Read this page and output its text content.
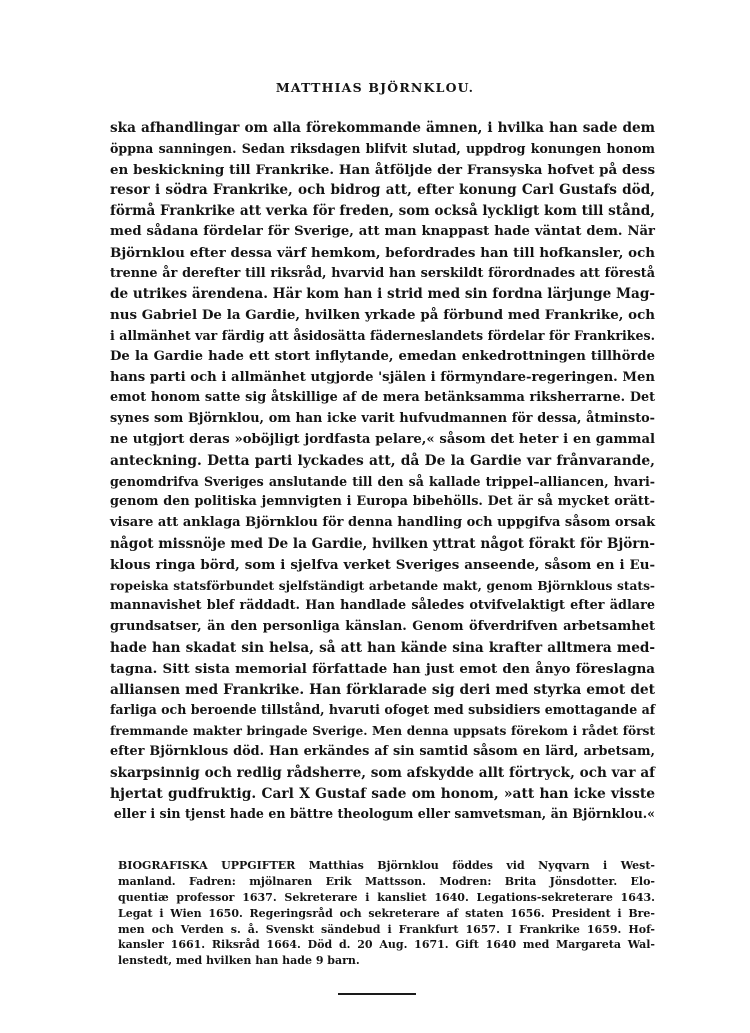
MATTHIAS BJÖRNKLOU.
ska afhandlingar om alla förekommande ämnen, i hvilka han sade dem
öppna sanningen. Sedan riksdagen blifvit slutad, uppdrog konungen honom
en beskickning till Frankrike. Han åtföljde der Fransyska hofvet på dess
resor i södra Frankrike, och bidrog att, efter konung Carl Gustafs död,
förmå Frankrike att verka för freden, som också lyckligt kom till stånd,
med sådana fördelar för Sverige, att man knappast hade väntat dem. När
Björnklou efter dessa värf hemkom, befordrades han till hofkansler, och
trenne år derefter till riksråd, hvarvid han serskildt förordnades att förestå
de utrikes ärendena. Här kom han i strid med sin fordna lärjunge Mag-
nus Gabriel De la Gardie, hvilken yrkade på förbund med Frankrike, och
i allmänhet var färdig att åsidosätta fäderneslandets fördelar för Frankrikes.
De la Gardie hade ett stort inflytande, emedan enkedrottningen tillhörde
hans parti och i allmänhet utgjorde 'själen i förmyndare-regeringen. Men
emot honom satte sig åtskillige af de mera betänksamma riksherrarne. Det
synes som Björnklou, om han icke varit hufvudmannen för dessa, åtminsto-
ne utgjort deras »oböjligt jordfasta pelare,« såsom det heter i en gammal
anteckning. Detta parti lyckades att, då De la Gardie var frånvarande,
genomdrifva Sveriges anslutande till den så kallade trippel–alliancen, hvari-
genom den politiska jemnvigten i Europa bibehölls. Det är så mycket orätt-
visare att anklaga Björnklou för denna handling och uppgifva såsom orsak
något missnöje med De la Gardie, hvilken yttrat något förakt för Björn-
klous ringa börd, som i sjelfva verket Sveriges anseende, såsom en i Eu-
ropeiska statsförbundet sjelfständigt arbetande makt, genom Björnklous stats-
mannavishet blef räddadt. Han handlade således otvifvelaktigt efter ädlare
grundsatser, än den personliga känslan. Genom öfverdrifven arbetsamhet
hade han skadat sin helsa, så att han kände sina krafter alltmera med-
tagna. Sitt sista memorial författade han just emot den ånyo föreslagna
alliansen med Frankrike. Han förklarade sig deri med styrka emot det
farliga och beroende tillstånd, hvaruti ofoget med subsidiers emottagande af
fremmande makter bringade Sverige. Men denna uppsats förekom i rådet först
efter Björnklous död. Han erkändes af sin samtid såsom en lärd, arbetsam,
skarpsinnig och redlig rådsherre, som afskydde allt förtryck, och var af
hjertat gudfruktig. Carl X Gustaf sade om honom, »att han icke visste
eller i sin tjenst hade en bättre theologum eller samvetsman, än Björnklou.«
BIOGRAFISKA UPPGIFTER Matthias Björnklou föddes vid Nyqvarn i West-
manland. Fadren: mjölnaren Erik Mattsson. Modren: Brita Jönsdotter. Elo-
quentiæ professor 1637. Sekreterare i kansliet 1640. Legations-sekreterare 1643.
Legat i Wien 1650. Regeringsråd och sekreterare af staten 1656. President i Bre-
men och Verden s. å. Svenskt sändebud i Frankfurt 1657. I Frankrike 1659. Hof-
kansler 1661. Riksråd 1664. Död d. 20 Aug. 1671. Gift 1640 med Margareta Wal-
lenstedt, med hvilken han hade 9 barn.
